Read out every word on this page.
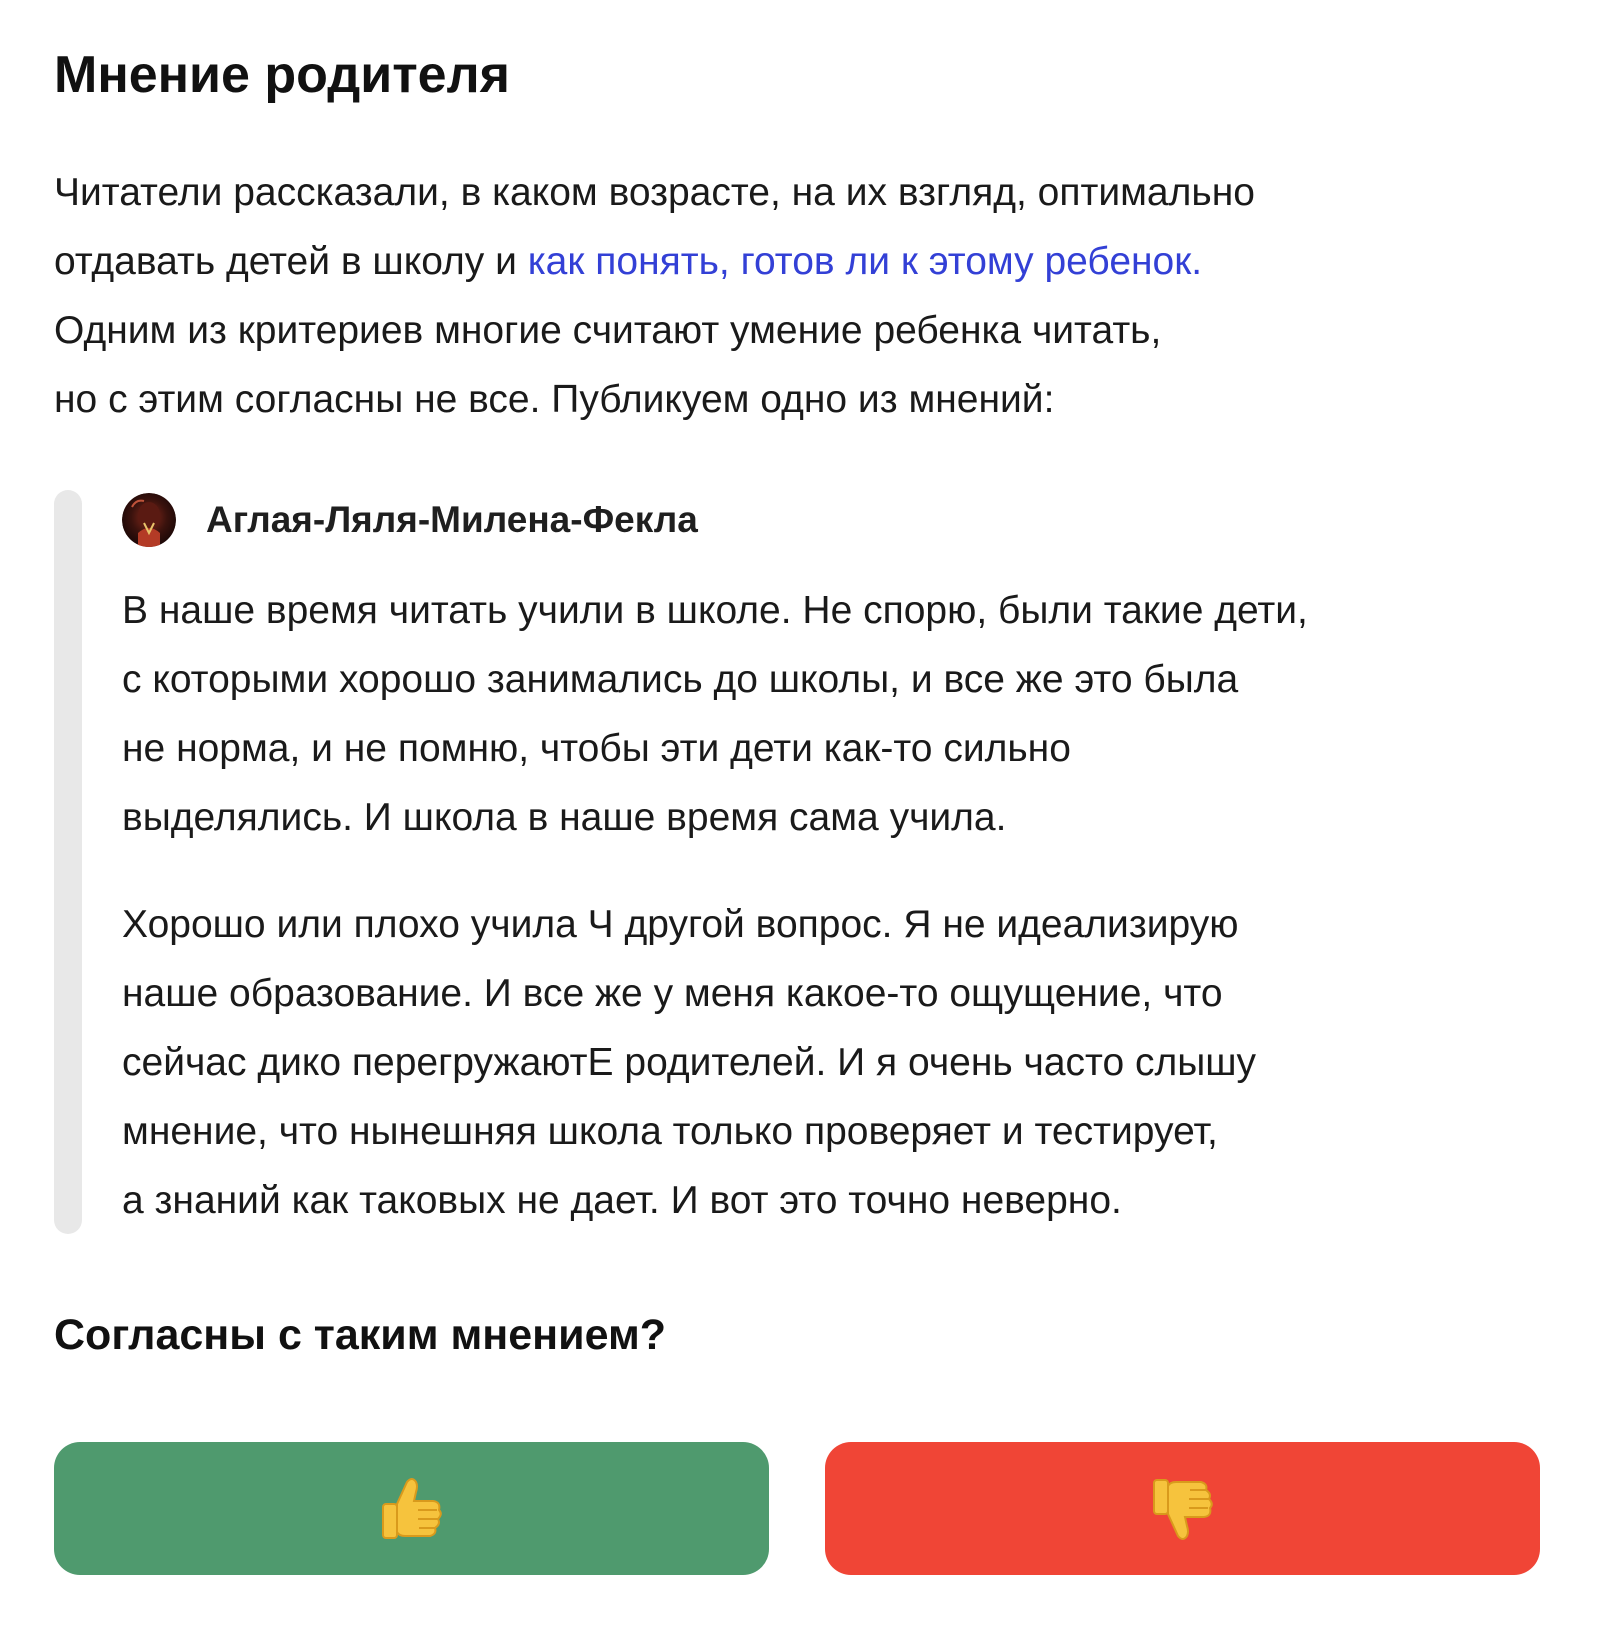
Мнение родителя

Читатели рассказали, в каком возрасте, на их взгляд, оптимально
отдавать детей в школу и как понять, готов ли к этому ребенок.
Одним из критериев многие считают умение ребенка читать,
но с этим согласны не все. Публикуем одно из мнений:

Аглая-Ляля-Милена-Фекла

В наше время читать учили в школе. Не спорю, были такие дети,
с которыми хорошо занимались до школы, и все же это была
не норма, и не помню, чтобы эти дети как-то сильно
выделялись. И школа в наше время сама учила.

Хорошо или плохо учила Ч другой вопрос. Я не идеализирую
наше образование. И все же у меня какое-то ощущение, что
сейчас дико перегружаютЕ родителей. И я очень часто слышу
мнение, что нынешняя школа только проверяет и тестирует,
а знаний как таковых не дает. И вот это точно неверно.

Согласны с таким мнением?
